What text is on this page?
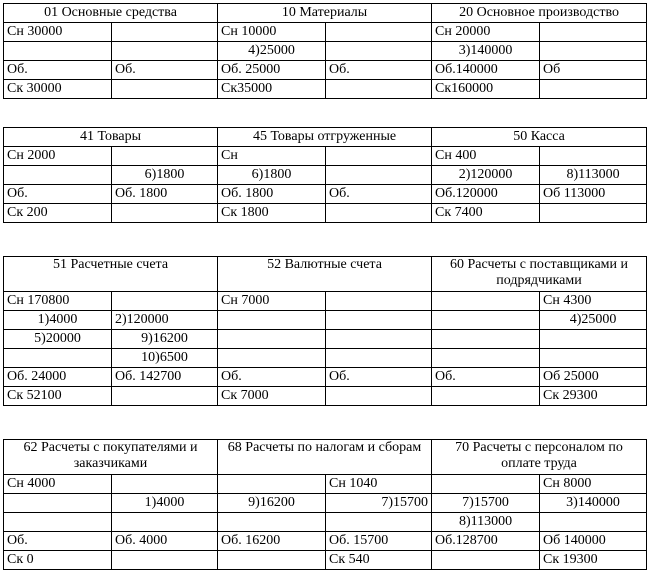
01 Основные средства		10 Материалы		20 Основное производство	
Сн 30000		Сн 10000		Сн 20000	
		4)25000		3)140000	
Об.	Об.	Об. 25000	Об.	Об.140000	Об
Ск 30000		Ск35000		Ск160000	
41 Товары		45 Товары отгруженные		50 Касса	
Сн 2000		Сн		Сн 400	
	6)1800	6)1800		2)120000	8)113000
Об.	Об. 1800	Об. 1800	Об.	Об.120000	Об 113000
Ск 200		Ск 1800		Ск 7400	
51 Расчетные счета		52 Валютные счета		60 Расчеты с поставщиками и подрядчиками	
Сн 170800		Сн 7000			Сн 4300
1)4000	2)120000				4)25000
5)20000	9)16200				
	10)6500				
Об. 24000	Об. 142700	Об.	Об.	Об.	Об 25000
Ск 52100		Ск 7000			Ск 29300
62 Расчеты с покупателями и заказчиками		68 Расчеты по налогам и сборам		70 Расчеты с персоналом по оплате труда	
Сн 4000			Сн 1040		Сн 8000
	1)4000	9)16200	7)15700	7)15700	3)140000
				8)113000	
Об.	Об. 4000	Об. 16200	Об. 15700	Об.128700	Об 140000
Ск 0			Ск 540		Ск 19300
